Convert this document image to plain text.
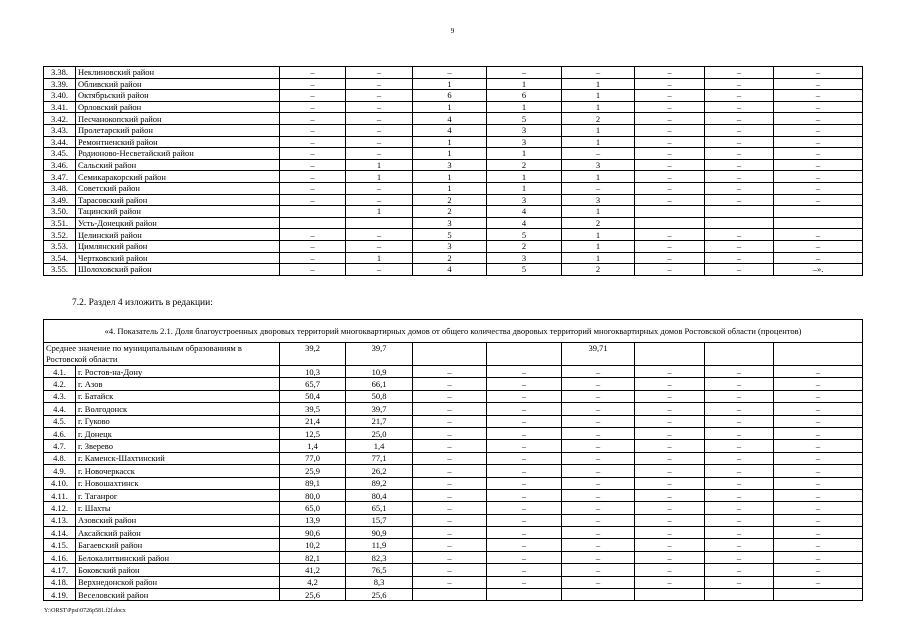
9
3.38.	Неклиновский район	–	–	–	–	–	–	–	–
3.39.	Обливский район	–	–	1	1	1	–	–	–
3.40.	Октябрьский район	–	–	6	6	1	–	–	–
3.41.	Орловский район	–	–	1	1	1	–	–	–
3.42.	Песчанокопский район	–	–	4	5	2	–	–	–
3.43.	Пролетарский район	–	–	4	3	1	–	–	–
3.44.	Ремонтненский район	–	–	1	3	1	–	–	–
3.45.	Родионово-Несветайский район	–	–	1	1	–	–	–	–
3.46.	Сальский район	–	1	3	2	3	–	–	–
3.47.	Семикаракорский район	–	1	1	1	1	–	–	–
3.48.	Советский район	–	–	1	1	–	–	–	–
3.49.	Тарасовский район	–	–	2	3	3	–	–	–
3.50.	Тацинский район		1	2	4	1			
3.51.	Усть-Донецкий район			3	4	2			
3.52.	Целинский район	–	–	5	5	1	–	–	–
3.53.	Цимлянский район	–	–	3	2	1	–	–	–
3.54.	Чертковский район	–	1	2	3	1	–	–	–
3.55.	Шолоховский район	–	–	4	5	2	–	–	–».
7.2. Раздел 4 изложить в редакции:
«4. Показатель 2.1. Доля благоустроенных дворовых территорий многоквартирных домов от общего количества дворовых территорий многоквартирных домов Ростовской области (процентов)									
Среднее значение по муниципальным образованиям в Ростовской области		39,2	39,7			39,71			
4.1.	г. Ростов-на-Дону	10,3	10,9	–	–	–	–	–	–
4.2.	г. Азов	65,7	66,1	–	–	–	–	–	–
4.3.	г. Батайск	50,4	50,8	–	–	–	–	–	–
4.4.	г. Волгодонск	39,5	39,7	–	–	–	–	–	–
4.5.	г. Гуково	21,4	21,7	–	–	–	–	–	–
4.6.	г. Донецк	12,5	25,0	–	–	–	–	–	–
4.7.	г. Зверево	1,4	1,4	–	–	–	–	–	–
4.8.	г. Каменск-Шахтинский	77,0	77,1	–	–	–	–	–	–
4.9.	г. Новочеркасск	25,9	26,2	–	–	–	–	–	–
4.10.	г. Новошахтинск	89,1	89,2	–	–	–	–	–	–
4.11.	г. Таганрог	80,0	80,4	–	–	–	–	–	–
4.12.	г. Шахты	65,0	65,1	–	–	–	–	–	–
4.13.	Азовский район	13,9	15,7	–	–	–	–	–	–
4.14.	Аксайский район	90,6	90,9	–	–	–	–	–	–
4.15.	Багаевский район	10,2	11,9	–	–	–	–	–	–
4.16.	Белокалитвинский район	82,1	82,3	–	–	–	–	–	–
4.17.	Боковский район	41,2	76,5	–	–	–	–	–	–
4.18.	Верхнедонской район	4,2	8,3	–	–	–	–	–	–
4.19.	Веселовский район	25,6	25,6						
Y:\ORST\Ppsi\0726p581.f2f.docx
